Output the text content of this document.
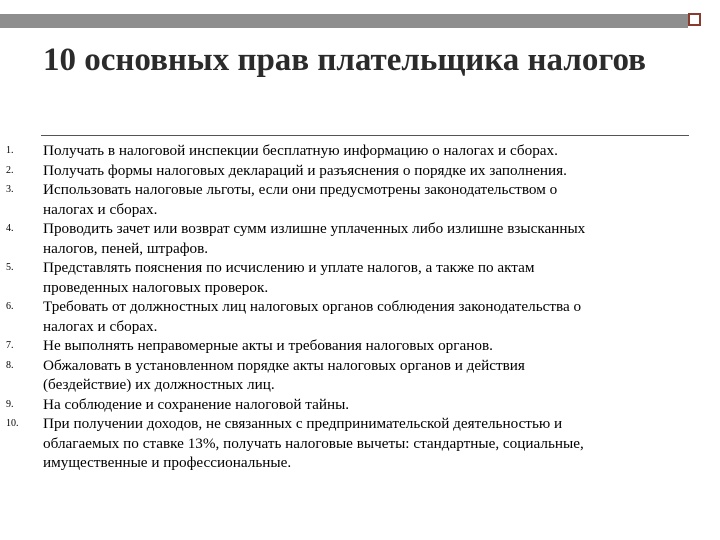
10 основных прав плательщика налогов
1. Получать в налоговой инспекции бесплатную информацию о налогах и сборах.
2. Получать формы налоговых деклараций и разъяснения о порядке их заполнения.
3. Использовать налоговые льготы, если они предусмотрены законодательством о
налогах и сборах.
4. Проводить зачет или возврат сумм излишне уплаченных либо излишне взысканных
налогов, пеней, штрафов.
5. Представлять пояснения по исчислению и уплате налогов, а также по актам
проведенных налоговых проверок.
6. Требовать от должностных лиц налоговых органов соблюдения законодательства о
налогах и сборах.
7. Не выполнять неправомерные акты и требования налоговых органов.
8. Обжаловать в установленном порядке акты налоговых органов и действия
(бездействие) их должностных лиц.
9. На соблюдение и сохранение налоговой тайны.
10. При получении доходов, не связанных с предпринимательской деятельностью и
облагаемых по ставке 13%, получать налоговые вычеты: стандартные, социальные,
имущественные и профессиональные.
